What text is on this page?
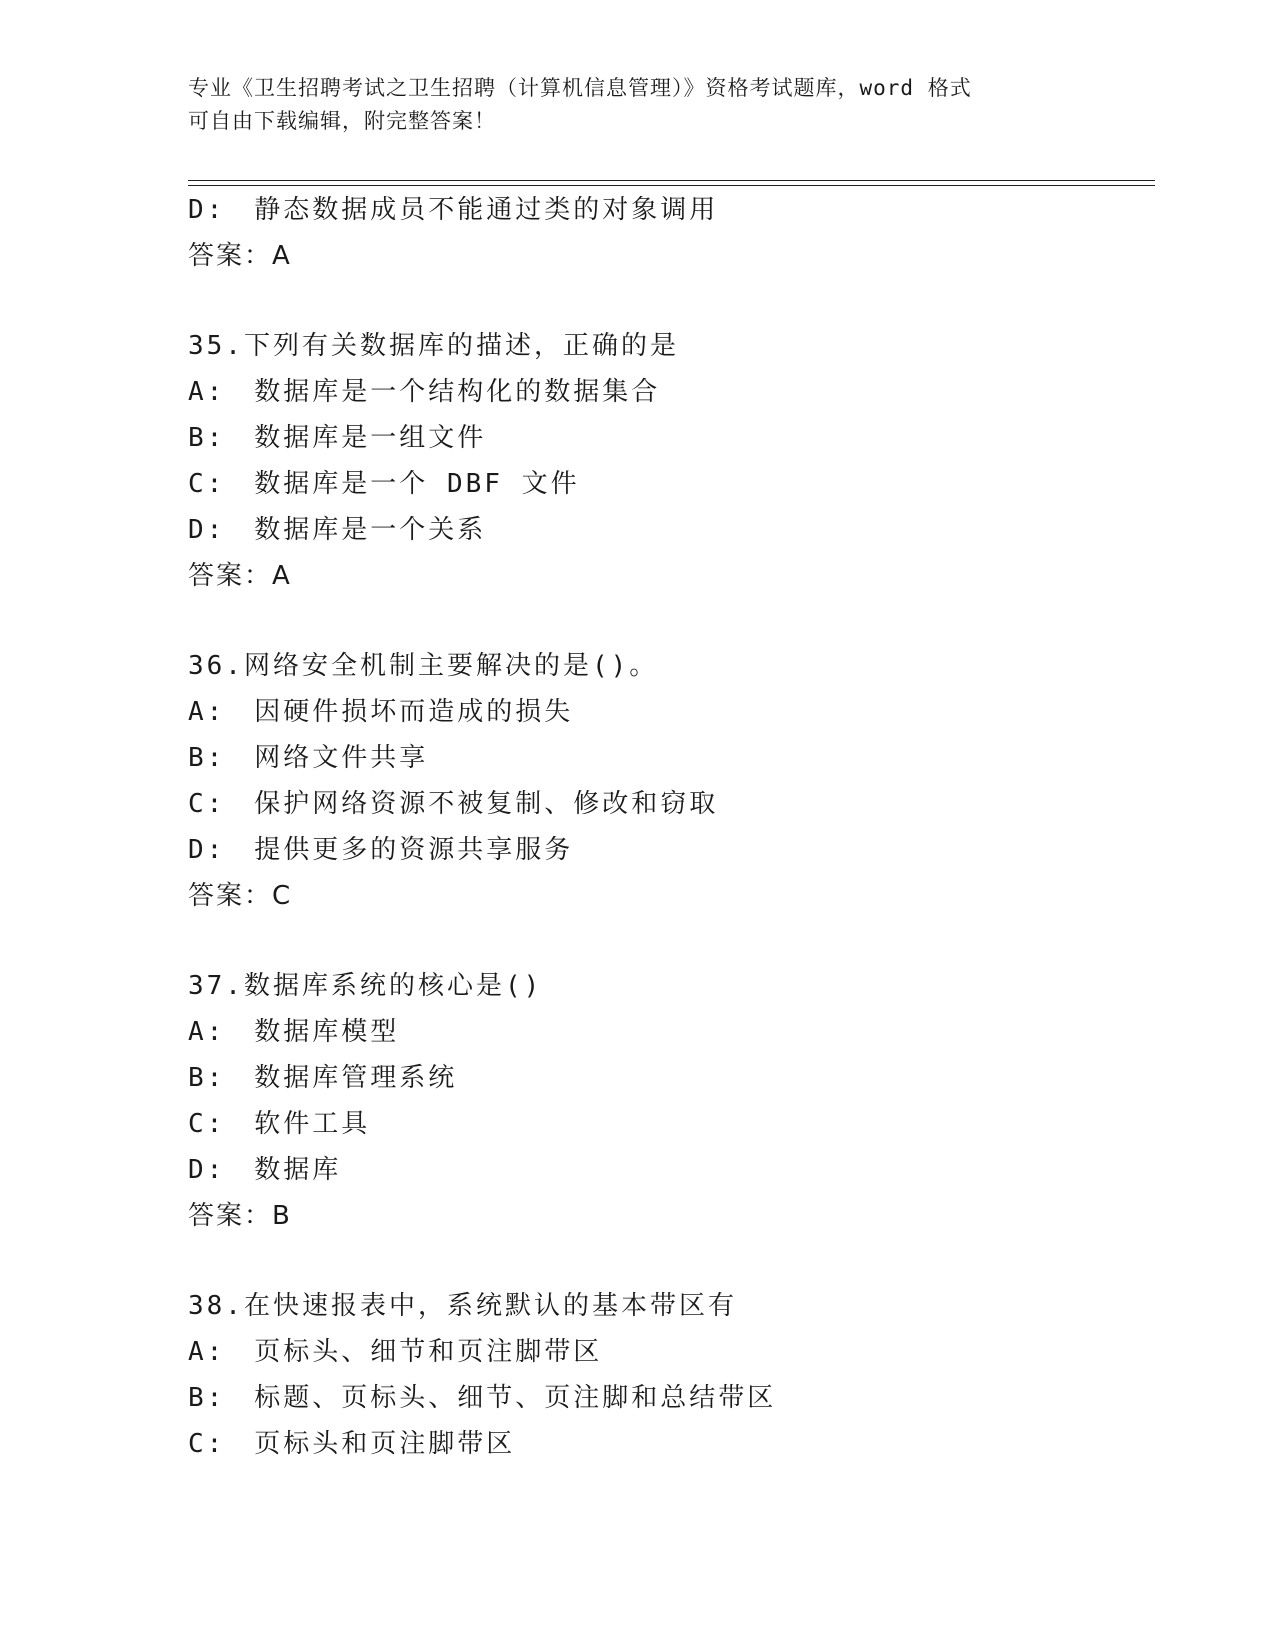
专业《卫生招聘考试之卫生招聘（计算机信息管理）》资格考试题库，word 格式
可自由下载编辑，附完整答案！
D:　静态数据成员不能通过类的对象调用
答案：A
35.下列有关数据库的描述，正确的是
A:　数据库是一个结构化的数据集合
B:　数据库是一组文件
C:　数据库是一个 DBF 文件
D:　数据库是一个关系
答案：A
36.网络安全机制主要解决的是()。
A:　因硬件损坏而造成的损失
B:　网络文件共享
C:　保护网络资源不被复制、修改和窃取
D:　提供更多的资源共享服务
答案：C
37.数据库系统的核心是()
A:　数据库模型
B:　数据库管理系统
C:　软件工具
D:　数据库
答案：B
38.在快速报表中，系统默认的基本带区有
A:　页标头、细节和页注脚带区
B:　标题、页标头、细节、页注脚和总结带区
C:　页标头和页注脚带区
